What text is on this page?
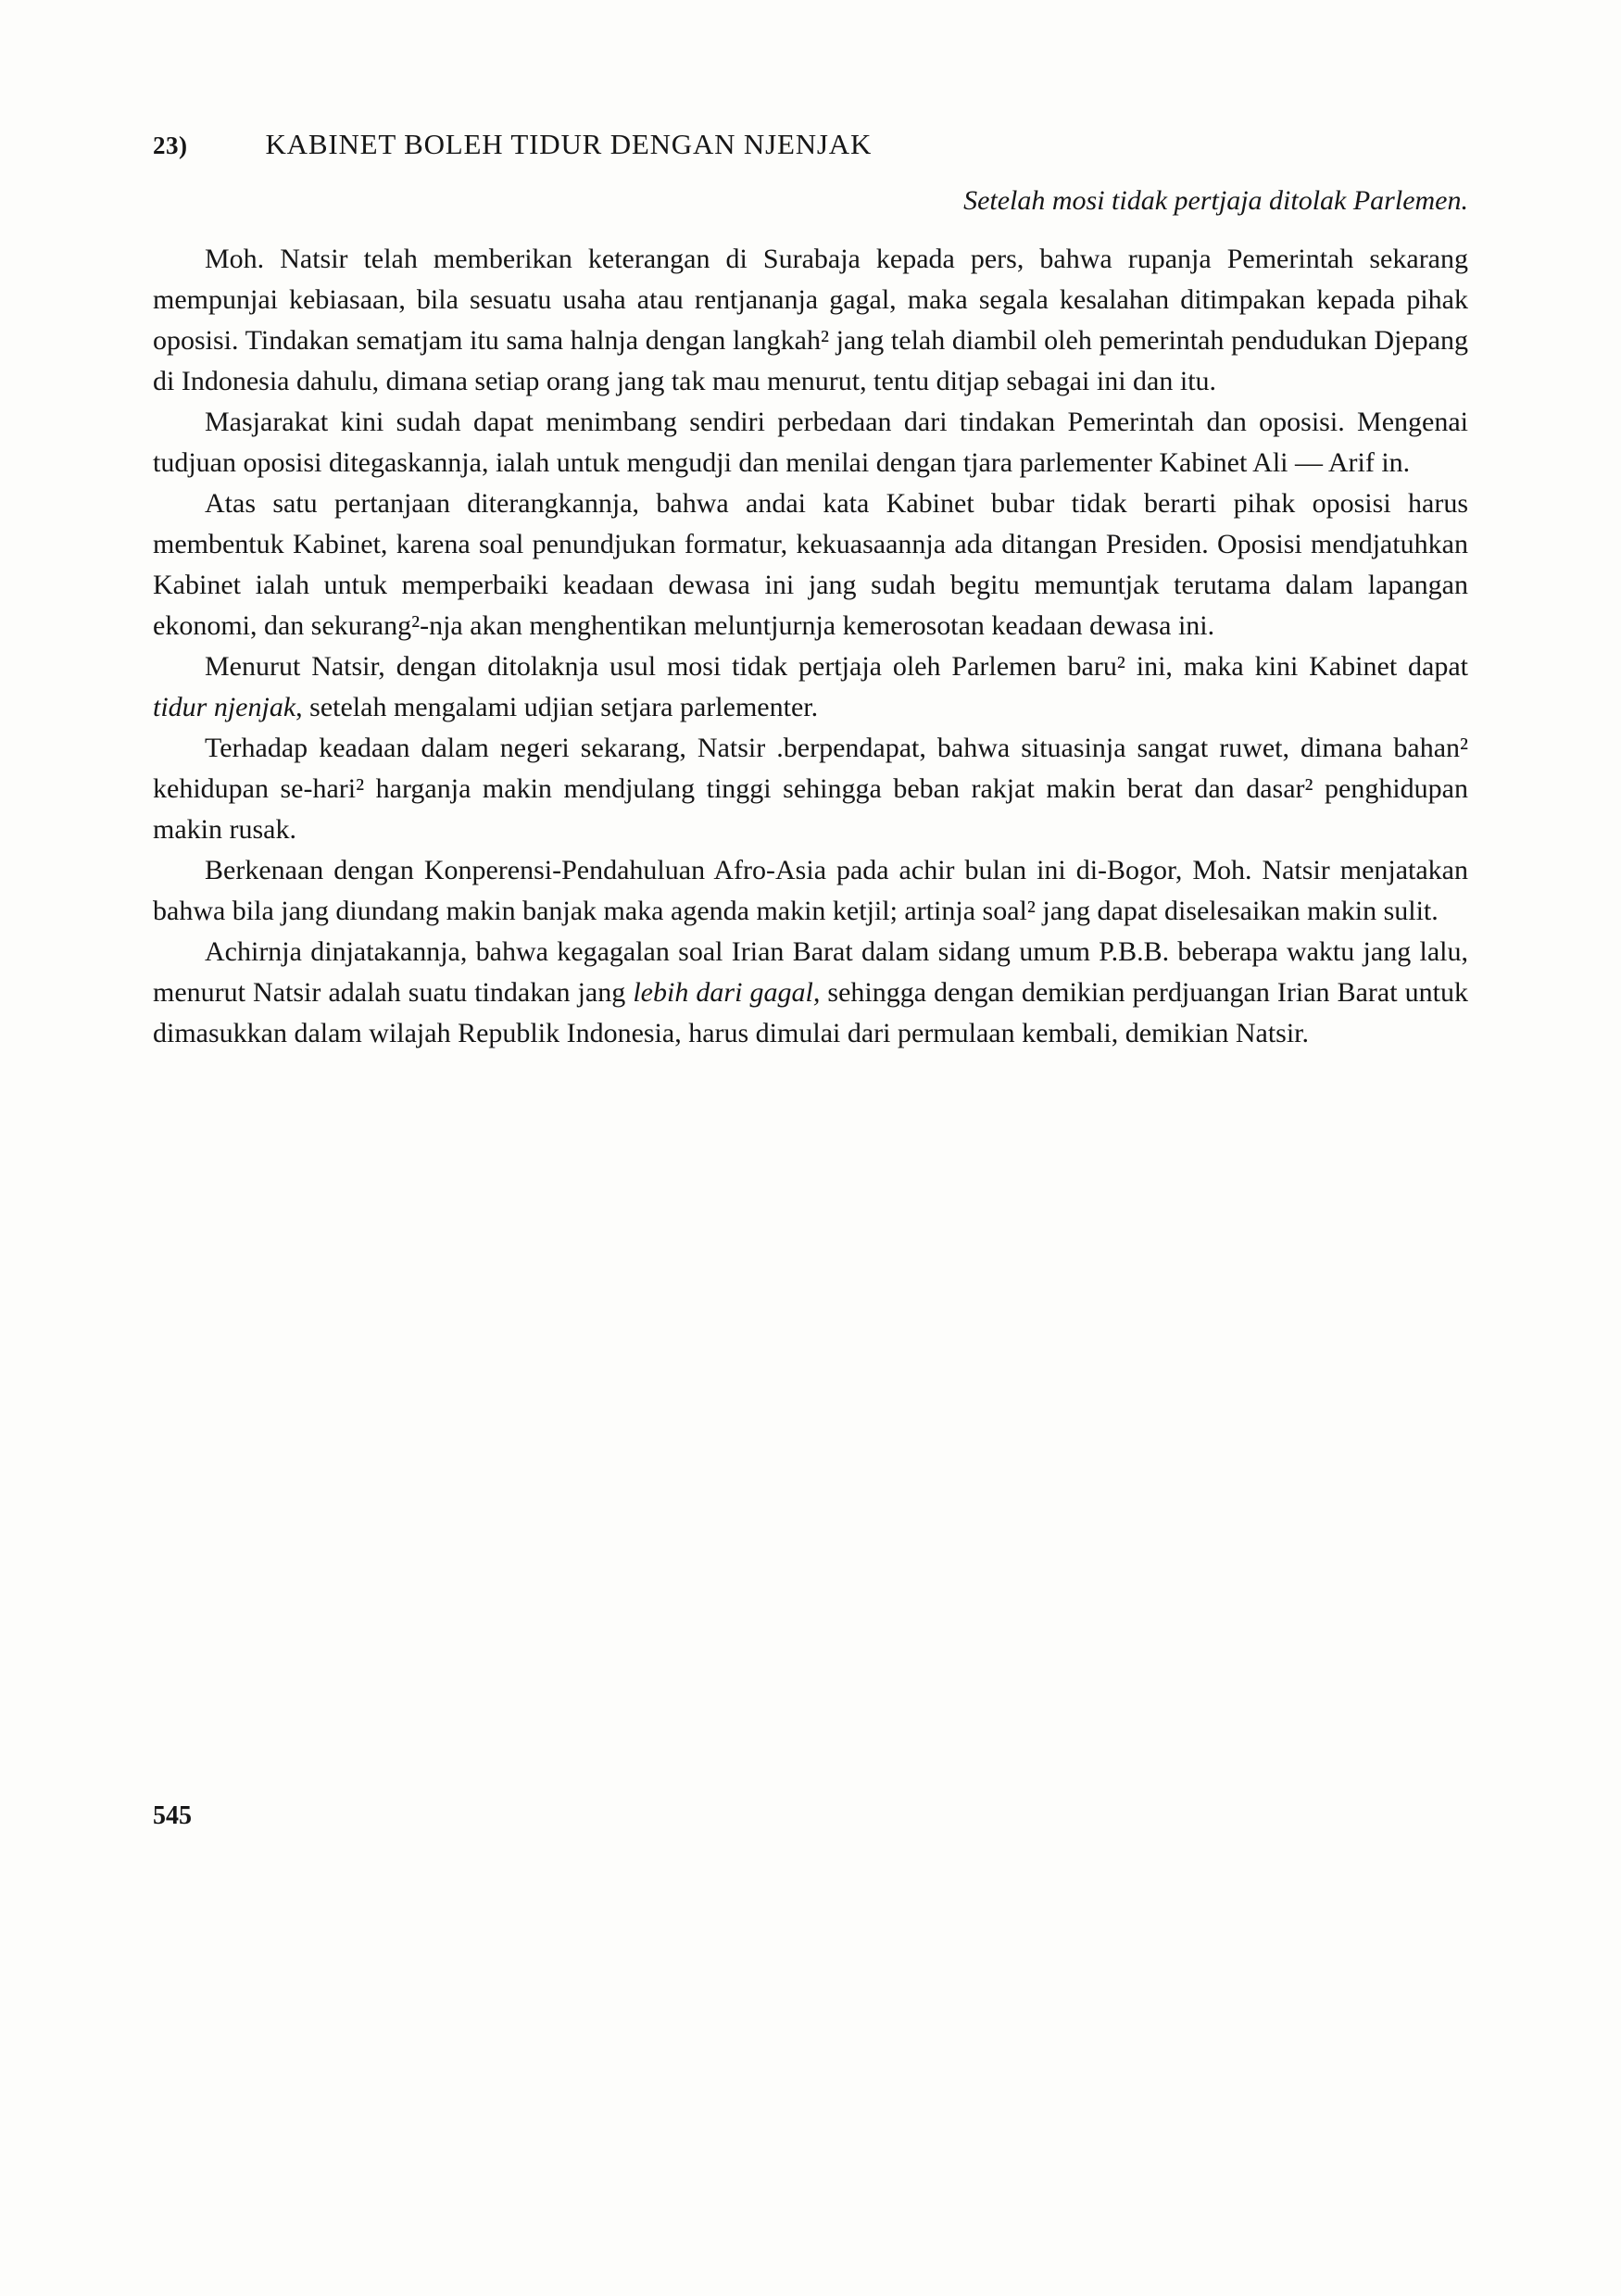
23)	KABINET BOLEH TIDUR DENGAN NJENJAK
Setelah mosi tidak pertjaja ditolak Parlemen.

Moh. Natsir telah memberikan keterangan di Surabaja kepada pers, bahwa rupanja Pemerintah sekarang mempunjai kebiasaan, bila sesuatu usaha atau rentjananja gagal, maka segala kesalahan ditimpakan kepada pihak oposisi. Tindakan sematjam itu sama halnja dengan langkah² jang telah diambil oleh pemerintah pendudukan Djepang di Indonesia dahulu, dimana setiap orang jang tak mau menurut, tentu ditjap sebagai ini dan itu.

Masjarakat kini sudah dapat menimbang sendiri perbedaan dari tindakan Pemerintah dan oposisi. Mengenai tudjuan oposisi ditegaskannja, ialah untuk mengudji dan menilai dengan tjara parlementer Kabinet Ali — Arif in.

Atas satu pertanjaan diterangkannja, bahwa andai kata Kabinet bubar tidak berarti pihak oposisi harus membentuk Kabinet, karena soal penundjukan formatur, kekuasaannja ada ditangan Presiden. Oposisi mendjatuhkan Kabinet ialah untuk memperbaiki keadaan dewasa ini jang sudah begitu memuntjak terutama dalam lapangan ekonomi, dan sekurang²-nja akan menghentikan meluntjurnja kemerosotan keadaan dewasa ini.

Menurut Natsir, dengan ditolaknja usul mosi tidak pertjaja oleh Parlemen baru² ini, maka kini Kabinet dapat tidur njenjak, setelah mengalami udjian setjara parlementer.

Terhadap keadaan dalam negeri sekarang, Natsir .berpendapat, bahwa situasinja sangat ruwet, dimana bahan² kehidupan se-hari² harganja makin mendjulang tinggi sehingga beban rakjat makin berat dan dasar² penghidupan makin rusak.

Berkenaan dengan Konperensi-Pendahuluan Afro-Asia pada achir bulan ini di-Bogor, Moh. Natsir menjatakan bahwa bila jang diundang makin banjak maka agenda makin ketjil; artinja soal² jang dapat diselesaikan makin sulit.

Achirnja dinjatakannja, bahwa kegagalan soal Irian Barat dalam sidang umum P.B.B. beberapa waktu jang lalu, menurut Natsir adalah suatu tindakan jang lebih dari gagal, sehingga dengan demikian perdjuangan Irian Barat untuk dimasukkan dalam wilajah Republik Indonesia, harus dimulai dari permulaan kembali, demikian Natsir.

545
